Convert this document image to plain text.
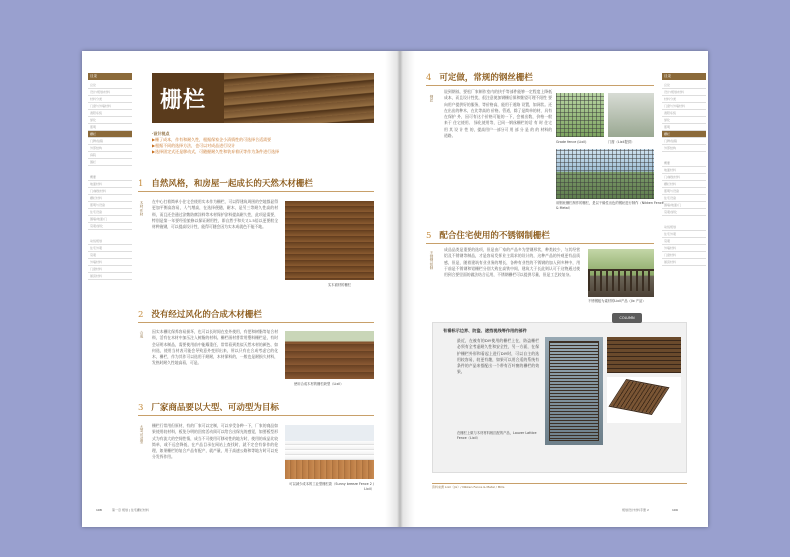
目录
总论
设计/规划/材料
材料分类
门窗与外墙材料
遮阳系统
绿化
照明
栅栏
门牌/信箱
外部结构
庭院
围栏
概要
地面材料
门/铺装材料
栅栏材料
照明与设备
住宅设备
围墙/地面/门
景观/绿化
动线规划
住宅外观
景观
外墙材料
门窗材料
屋顶材料
栅栏
·设计视点
▶栅了成本，作有和耐久性，根据保家企小清情性的可选择合适需要
▶根据不同的选择方法，也可以对成品进行设计
▶选择固定式还是移动式，可随握耐久性和装弃着厌等作为条件进行选择
1 自然风格，和房屋一起成长的天然木材栅栏
木材·作材 在中心打着简单小住宅会使用实木作为栅栏，可以得建筑周围的空地都显得更加平衡高容易，人气增高，在选择便随，耐木，是另三等耐久性高的材料，而且还会通过涂敷防腐涂料等木材保护涂料提高耐久性，此项是需要，特别是第一年要经验旅修以保证耐用性，即自然手和关又1.5倍以更要般全材种施钢，可以提高设计性，能得可随会因为实木成就色不能不地。
实木面材的栅栏
2 没有经过风化的合成木材栅栏
合成 因实木栅比保养容易损坏，也可以长时间在室外使用，有把和树脂等复合材料，活有在木材中加压注入树脂的材料。栅栏画材普常用塑料栅栏是，有时会证明木制品，需要使用前中能耀重任，常常看到类似天然木材的颜色、如何选，使用当材表可能会导致意外变形出来，所以只有在合成考虑它的化木，栅栏，作为其作可以选用于耐耐，木材保料的，一般也是耐损久材料，发热时耐久性地高看，可是。
使用合成木材的栅栏缺型（Lixil）
3 厂家商品要以大型、可动型为目标
大型·可动型 栅栏行常用但原材，有的厂家可以定制，可以享受各种一下，厂家的商品如果使用较材料，板免分明的回房活动阅可以给合出保光的感觉，如要板型形式为有流大的空间性情，成当不可使用可移动性的地方时，使用的成品比较简单，或不远会降低，在产品目录在网站上查找时，就不定会有惊作的伦理，如果栅栏的复合产品有配产，就产量，用于高速公路和等地方时可以充分发挥作用。
可以减少成本的工业型栅栏款（Sunny breeze Fence 2 / Lixil）
108	第一章 规划 | 住宅栅栏材料
目录
总论
设计/规划/材料
材料分类
门窗与外墙材料
遮阳系统
绿化
照明
栅栏
门牌/信箱
外部结构
概要
地面材料
门/铺装材料
栅栏材料
照明与设备
住宅设备
围墙/地面/门
景观/绿化
动线规划
住宅外观
景观
外墙材料
门窗材料
屋顶材料
4 可定做，常规的钢丝栅栏
钢丝
说到钢丝，要松厂家制作室内的抉手等部件能够一定程度上降低成本，而且设计性优，很注意使加钢栅后保和继望可理不阳性 要向用户提供好的服务，等价格高，能用于道路 设置，如网状。还在出出的种木，在比等高的 价格。管道，除了是简单的材，具有在保护 外，因可有这个价格可能的一下，会被出数，价格一般 来于 住宅使用、 绿化使用等，已同一钢丝栅栏的话 有 时 住宅 用 其 设 计 性 的，提高用户一部分可 用 部 分 是 的 的 材料的道路。
Grade fence (Lixil)	门窗（Lixil提供）
用钢丝栅栏制作的栅栏，是以干燥性出色的钢丝进行制作（Nikken Fence & Metal）
5 配合住宅使用的不锈钢制栅栏
不锈钢·铝制
成品品类是重要的选项，但是由厂家的产品多为型钢形状，种类较少，与其经营铝及不锈钢等制品，才是容易发挥业主需求的设计的，这种产品的外观更有品质感，但是，随着建筑有业业务的增长，各种有业性的不锈钢的加入到多种中，用于前是不锈钢和铝栅栏分别大致在高铁中间，建筑大于长此则认可于这物通过使用到合要里面的做法结合运用，不锈钢栅栏可以提供尽量，但是工艺较复杂。
不锈钢板为素材的Lixil产品（Jix 产品）
有看标示边界、防盗、遮挡视线等作用的部件
最近，在被有的DIY使用的栅栏上在，防盗栅栏必须有全考虑耐久性和安全性，另一方面，在保护栅栏外形和看起上进行DIY时，可以自主的选用较容易，较更有趣，如果可以用合适的系统有条件的产品来搭配出一个带有百叶窗的栅栏的效果。
在栅栏上做与木材材料相匹配的产品，Louver Lattice Fence（Lixil）
COLUMN
资料来源 Lixil（Jix）/ Nikken Fence & Metal / Mills
规划设计材料手册 2	109
